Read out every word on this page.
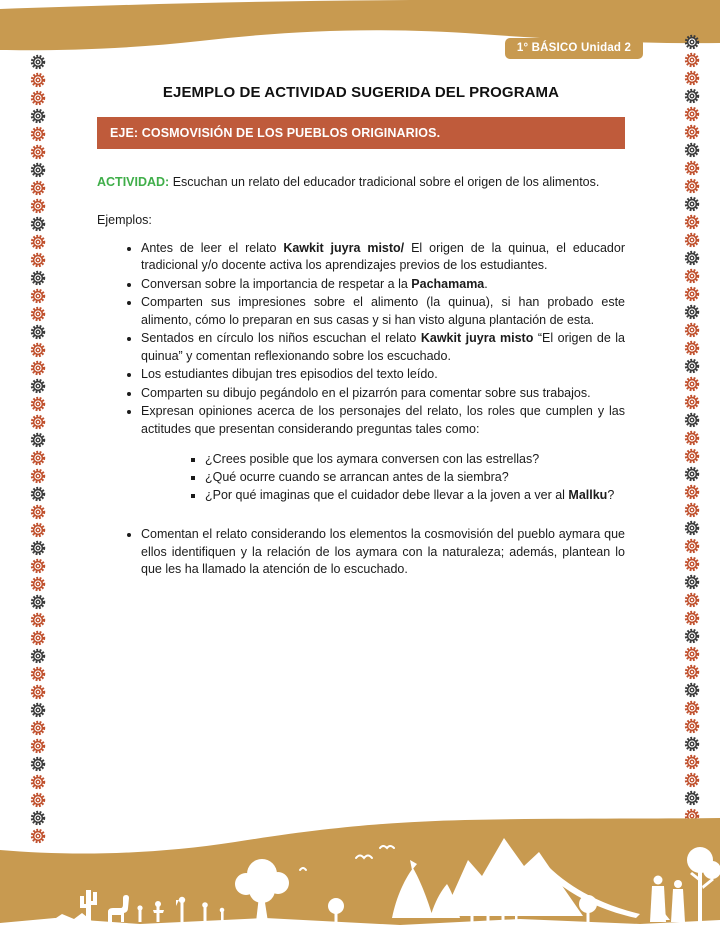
1° BÁSICO Unidad 2
EJEMPLO DE ACTIVIDAD SUGERIDA DEL PROGRAMA
EJE: COSMOVISIÓN DE LOS PUEBLOS ORIGINARIOS.

ACTIVIDAD: Escuchan un relato del educador tradicional sobre el origen de los alimentos.

Ejemplos:

• Antes de leer el relato Kawkit juyra misto/ El origen de la quinua, el educador tradicional y/o docente activa los aprendizajes previos de los estudiantes.
• Conversan sobre la importancia de respetar a la Pachamama.
• Comparten sus impresiones sobre el alimento (la quinua), si han probado este alimento, cómo lo preparan en sus casas y si han visto alguna plantación de esta.
• Sentados en círculo los niños escuchan el relato Kawkit juyra misto “El origen de la quinua” y comentan reflexionando sobre los escuchado.
• Los estudiantes dibujan tres episodios del texto leído.
• Comparten su dibujo pegándolo en el pizarrón para comentar sobre sus trabajos.
• Expresan opiniones acerca de los personajes del relato, los roles que cumplen y las actitudes que presentan considerando preguntas tales como:
▪ ¿Crees posible que los aymara conversen con las estrellas?
▪ ¿Qué ocurre cuando se arrancan antes de la siembra?
▪ ¿Por qué imaginas que el cuidador debe llevar a la joven a ver al Mallku?
• Comentan el relato considerando los elementos la cosmovisión del pueblo aymara que ellos identifiquen y la relación de los aymara con la naturaleza; además, plantean lo que les ha llamado la atención de lo escuchado.
